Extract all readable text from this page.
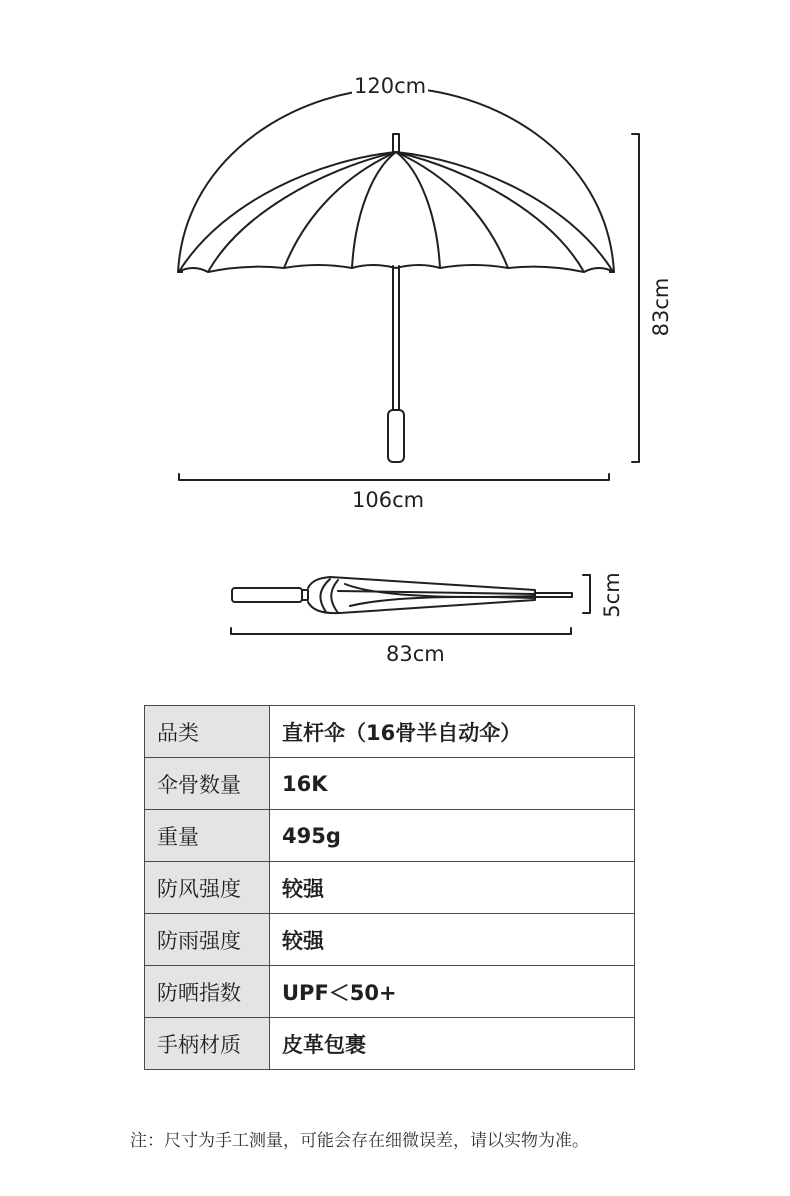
120cm
83cm
106cm
5cm
83cm
品类	直杆伞（16骨半自动伞）
伞骨数量	16K
重量	495g
防风强度	较强
防雨强度	较强
防晒指数	UPF＜50+
手柄材质	皮革包裹
注：尺寸为手工测量，可能会存在细微误差，请以实物为准。
